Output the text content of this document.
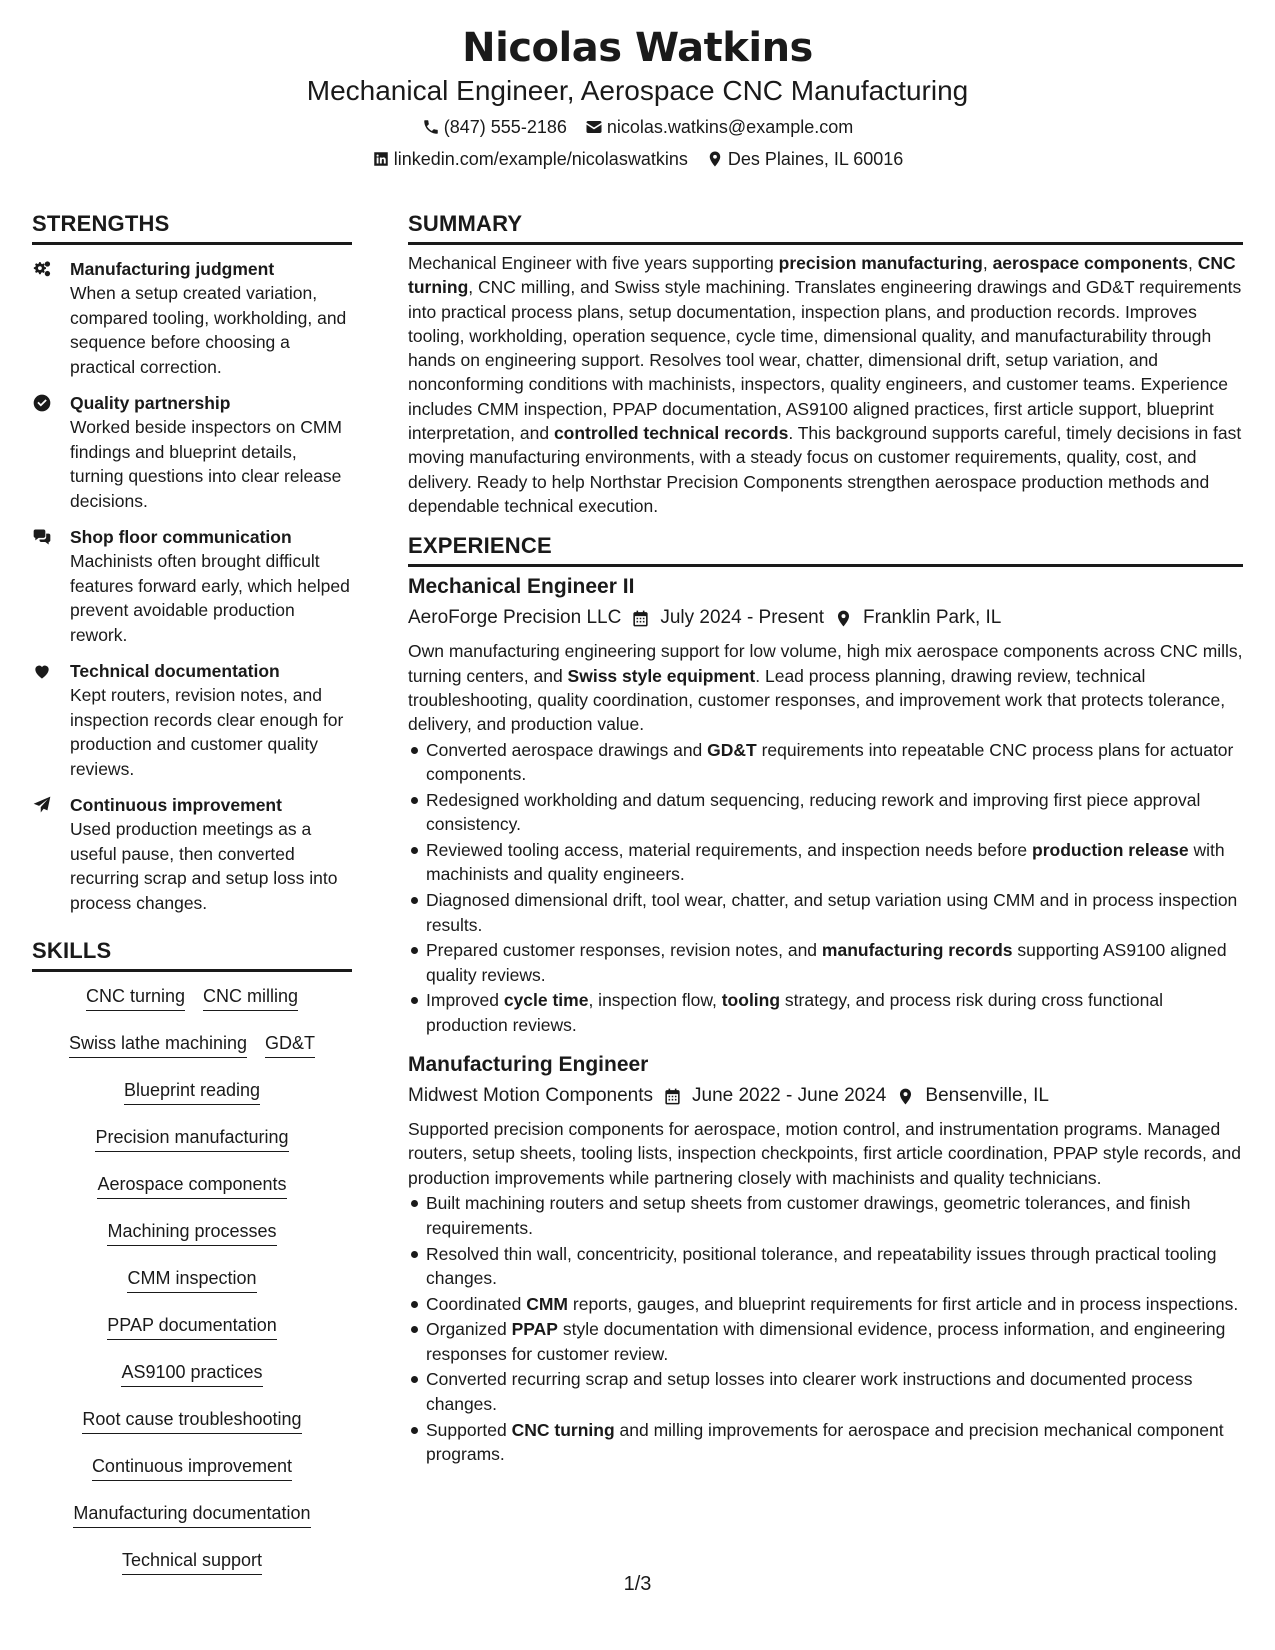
Nicolas Watkins
Mechanical Engineer, Aerospace CNC Manufacturing
(847) 555-2186 nicolas.watkins@example.com
linkedin.com/example/nicolaswatkins Des Plaines, IL 60016
STRENGTHS
Manufacturing judgment
When a setup created variation, compared tooling, workholding, and sequence before choosing a practical correction.
Quality partnership
Worked beside inspectors on CMM findings and blueprint details, turning questions into clear release decisions.
Shop floor communication
Machinists often brought difficult features forward early, which helped prevent avoidable production rework.
Technical documentation
Kept routers, revision notes, and inspection records clear enough for production and customer quality reviews.
Continuous improvement
Used production meetings as a useful pause, then converted recurring scrap and setup loss into process changes.
SKILLS
CNC turning CNC milling
Swiss lathe machining GD&T
Blueprint reading
Precision manufacturing
Aerospace components
Machining processes
CMM inspection
PPAP documentation
AS9100 practices
Root cause troubleshooting
Continuous improvement
Manufacturing documentation
Technical support
SUMMARY
Mechanical Engineer with five years supporting precision manufacturing, aerospace components, CNC turning, CNC milling, and Swiss style machining. Translates engineering drawings and GD&T requirements into practical process plans, setup documentation, inspection plans, and production records. Improves tooling, workholding, operation sequence, cycle time, dimensional quality, and manufacturability through hands on engineering support. Resolves tool wear, chatter, dimensional drift, setup variation, and nonconforming conditions with machinists, inspectors, quality engineers, and customer teams. Experience includes CMM inspection, PPAP documentation, AS9100 aligned practices, first article support, blueprint interpretation, and controlled technical records. This background supports careful, timely decisions in fast moving manufacturing environments, with a steady focus on customer requirements, quality, cost, and delivery. Ready to help Northstar Precision Components strengthen aerospace production methods and dependable technical execution.
EXPERIENCE
Mechanical Engineer II
AeroForge Precision LLC July 2024 - Present Franklin Park, IL
Own manufacturing engineering support for low volume, high mix aerospace components across CNC mills, turning centers, and Swiss style equipment. Lead process planning, drawing review, technical troubleshooting, quality coordination, customer responses, and improvement work that protects tolerance, delivery, and production value.
Converted aerospace drawings and GD&T requirements into repeatable CNC process plans for actuator components.
Redesigned workholding and datum sequencing, reducing rework and improving first piece approval consistency.
Reviewed tooling access, material requirements, and inspection needs before production release with machinists and quality engineers.
Diagnosed dimensional drift, tool wear, chatter, and setup variation using CMM and in process inspection results.
Prepared customer responses, revision notes, and manufacturing records supporting AS9100 aligned quality reviews.
Improved cycle time, inspection flow, tooling strategy, and process risk during cross functional production reviews.
Manufacturing Engineer
Midwest Motion Components June 2022 - June 2024 Bensenville, IL
Supported precision components for aerospace, motion control, and instrumentation programs. Managed routers, setup sheets, tooling lists, inspection checkpoints, first article coordination, PPAP style records, and production improvements while partnering closely with machinists and quality technicians.
Built machining routers and setup sheets from customer drawings, geometric tolerances, and finish requirements.
Resolved thin wall, concentricity, positional tolerance, and repeatability issues through practical tooling changes.
Coordinated CMM reports, gauges, and blueprint requirements for first article and in process inspections.
Organized PPAP style documentation with dimensional evidence, process information, and engineering responses for customer review.
Converted recurring scrap and setup losses into clearer work instructions and documented process changes.
Supported CNC turning and milling improvements for aerospace and precision mechanical component programs.
1/3
